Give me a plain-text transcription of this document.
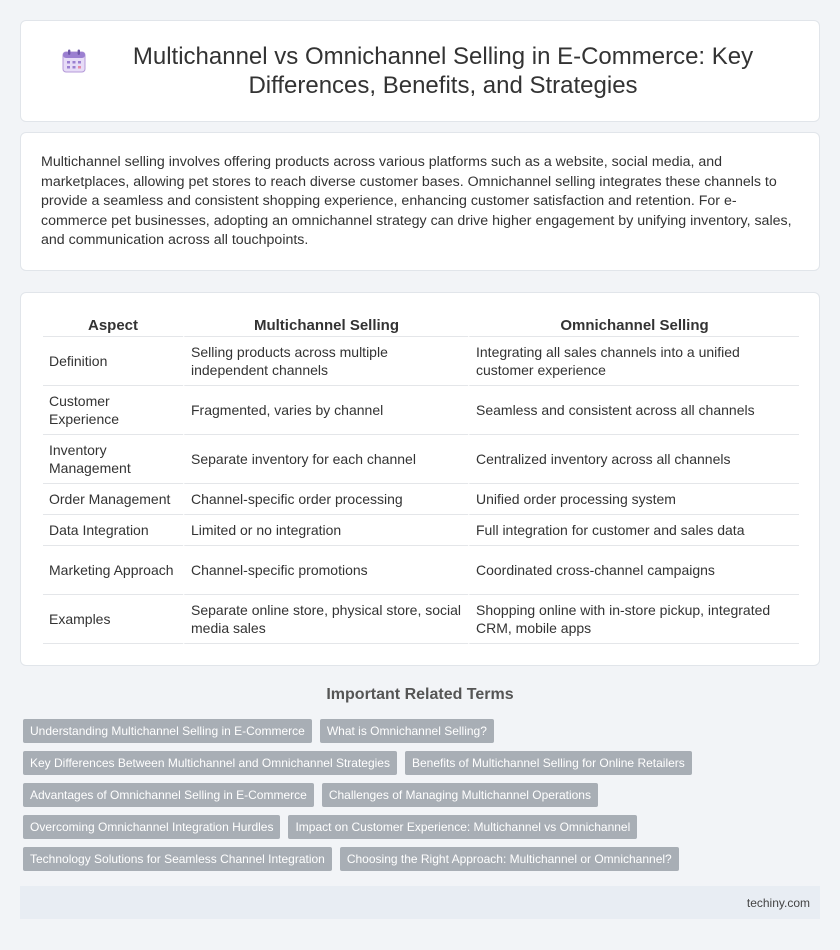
Multichannel vs Omnichannel Selling in E-Commerce: Key Differences, Benefits, and Strategies

Multichannel selling involves offering products across various platforms such as a website, social media, and marketplaces, allowing pet stores to reach diverse customer bases. Omnichannel selling integrates these channels to provide a seamless and consistent shopping experience, enhancing customer satisfaction and retention. For e-commerce pet businesses, adopting an omnichannel strategy can drive higher engagement by unifying inventory, sales, and communication across all touchpoints.

Aspect	Multichannel Selling	Omnichannel Selling
Definition	Selling products across multiple independent channels	Integrating all sales channels into a unified customer experience
Customer Experience	Fragmented, varies by channel	Seamless and consistent across all channels
Inventory Management	Separate inventory for each channel	Centralized inventory across all channels
Order Management	Channel-specific order processing	Unified order processing system
Data Integration	Limited or no integration	Full integration for customer and sales data
Marketing Approach	Channel-specific promotions	Coordinated cross-channel campaigns
Examples	Separate online store, physical store, social media sales	Shopping online with in-store pickup, integrated CRM, mobile apps
Important Related Terms
Understanding Multichannel Selling in E-Commerce	What is Omnichannel Selling?
Key Differences Between Multichannel and Omnichannel Strategies	Benefits of Multichannel Selling for Online Retailers
Advantages of Omnichannel Selling in E-Commerce	Challenges of Managing Multichannel Operations
Overcoming Omnichannel Integration Hurdles	Impact on Customer Experience: Multichannel vs Omnichannel
Technology Solutions for Seamless Channel Integration	Choosing the Right Approach: Multichannel or Omnichannel?
techiny.com
